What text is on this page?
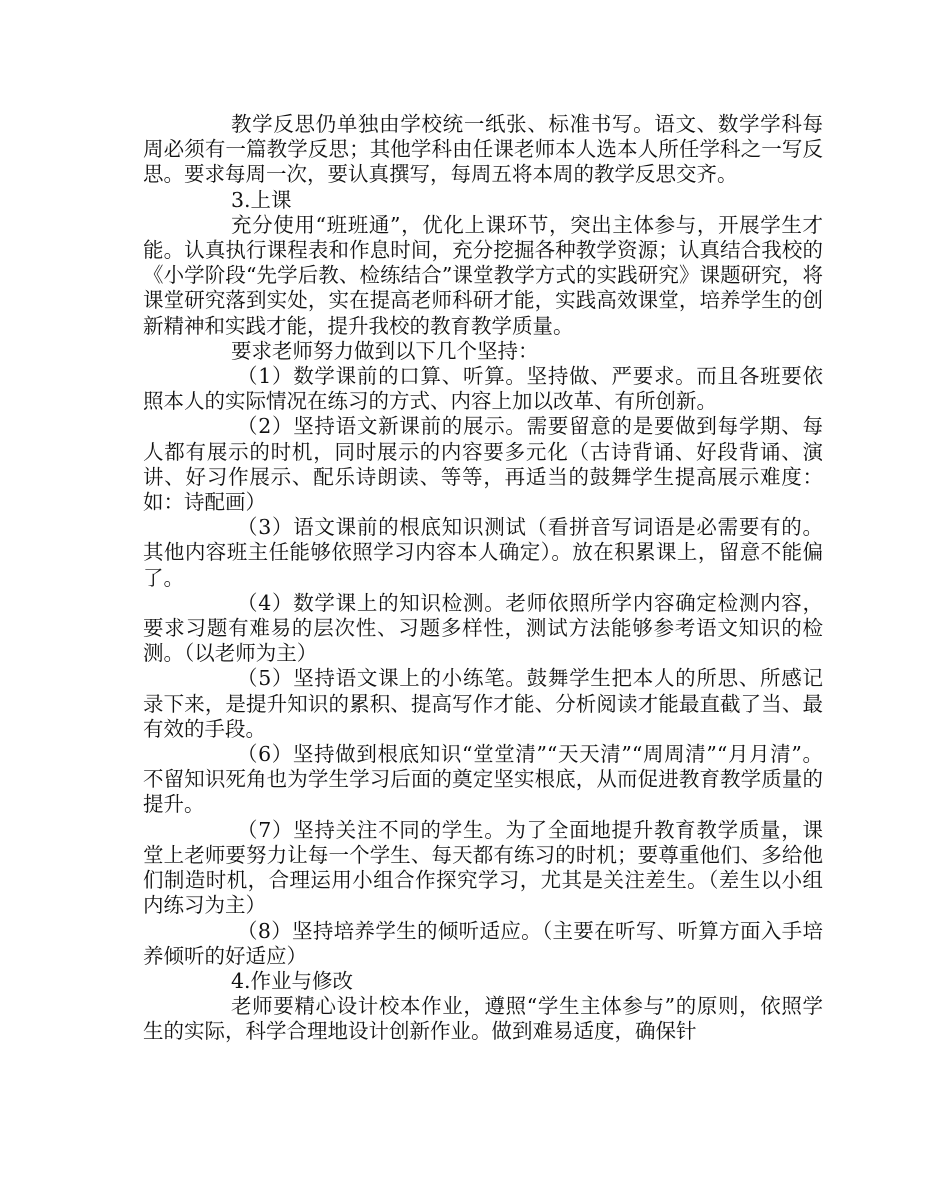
教学反思仍单独由学校统一纸张、标准书写。语文、数学学科每周必须有一篇教学反思；其他学科由任课老师本人选本人所任学科之一写反思。要求每周一次，要认真撰写，每周五将本周的教学反思交齐。

3.上课

充分使用“班班通”，优化上课环节，突出主体参与，开展学生才能。认真执行课程表和作息时间，充分挖掘各种教学资源；认真结合我校的《小学阶段“先学后教、检练结合”课堂教学方式的实践研究》课题研究，将课堂研究落到实处，实在提高老师科研才能，实践高效课堂，培养学生的创新精神和实践才能，提升我校的教育教学质量。

要求老师努力做到以下几个坚持：

（1）数学课前的口算、听算。坚持做、严要求。而且各班要依照本人的实际情况在练习的方式、内容上加以改革、有所创新。

（2）坚持语文新课前的展示。需要留意的是要做到每学期、每人都有展示的时机，同时展示的内容要多元化（古诗背诵、好段背诵、演讲、好习作展示、配乐诗朗读、等等，再适当的鼓舞学生提高展示难度：如：诗配画）

（3）语文课前的根底知识测试（看拼音写词语是必需要有的。其他内容班主任能够依照学习内容本人确定）。放在积累课上，留意不能偏了。

（4）数学课上的知识检测。老师依照所学内容确定检测内容，要求习题有难易的层次性、习题多样性，测试方法能够参考语文知识的检测。（以老师为主）

（5）坚持语文课上的小练笔。鼓舞学生把本人的所思、所感记录下来，是提升知识的累积、提高写作才能、分析阅读才能最直截了当、最有效的手段。

（6）坚持做到根底知识“堂堂清”“天天清”“周周清”“月月清”。不留知识死角也为学生学习后面的奠定坚实根底，从而促进教育教学质量的提升。

（7）坚持关注不同的学生。为了全面地提升教育教学质量，课堂上老师要努力让每一个学生、每天都有练习的时机；要尊重他们、多给他们制造时机，合理运用小组合作探究学习，尤其是关注差生。（差生以小组内练习为主）

（8）坚持培养学生的倾听适应。（主要在听写、听算方面入手培养倾听的好适应）

4.作业与修改

老师要精心设计校本作业，遵照“学生主体参与”的原则，依照学生的实际，科学合理地设计创新作业。做到难易适度，确保针
